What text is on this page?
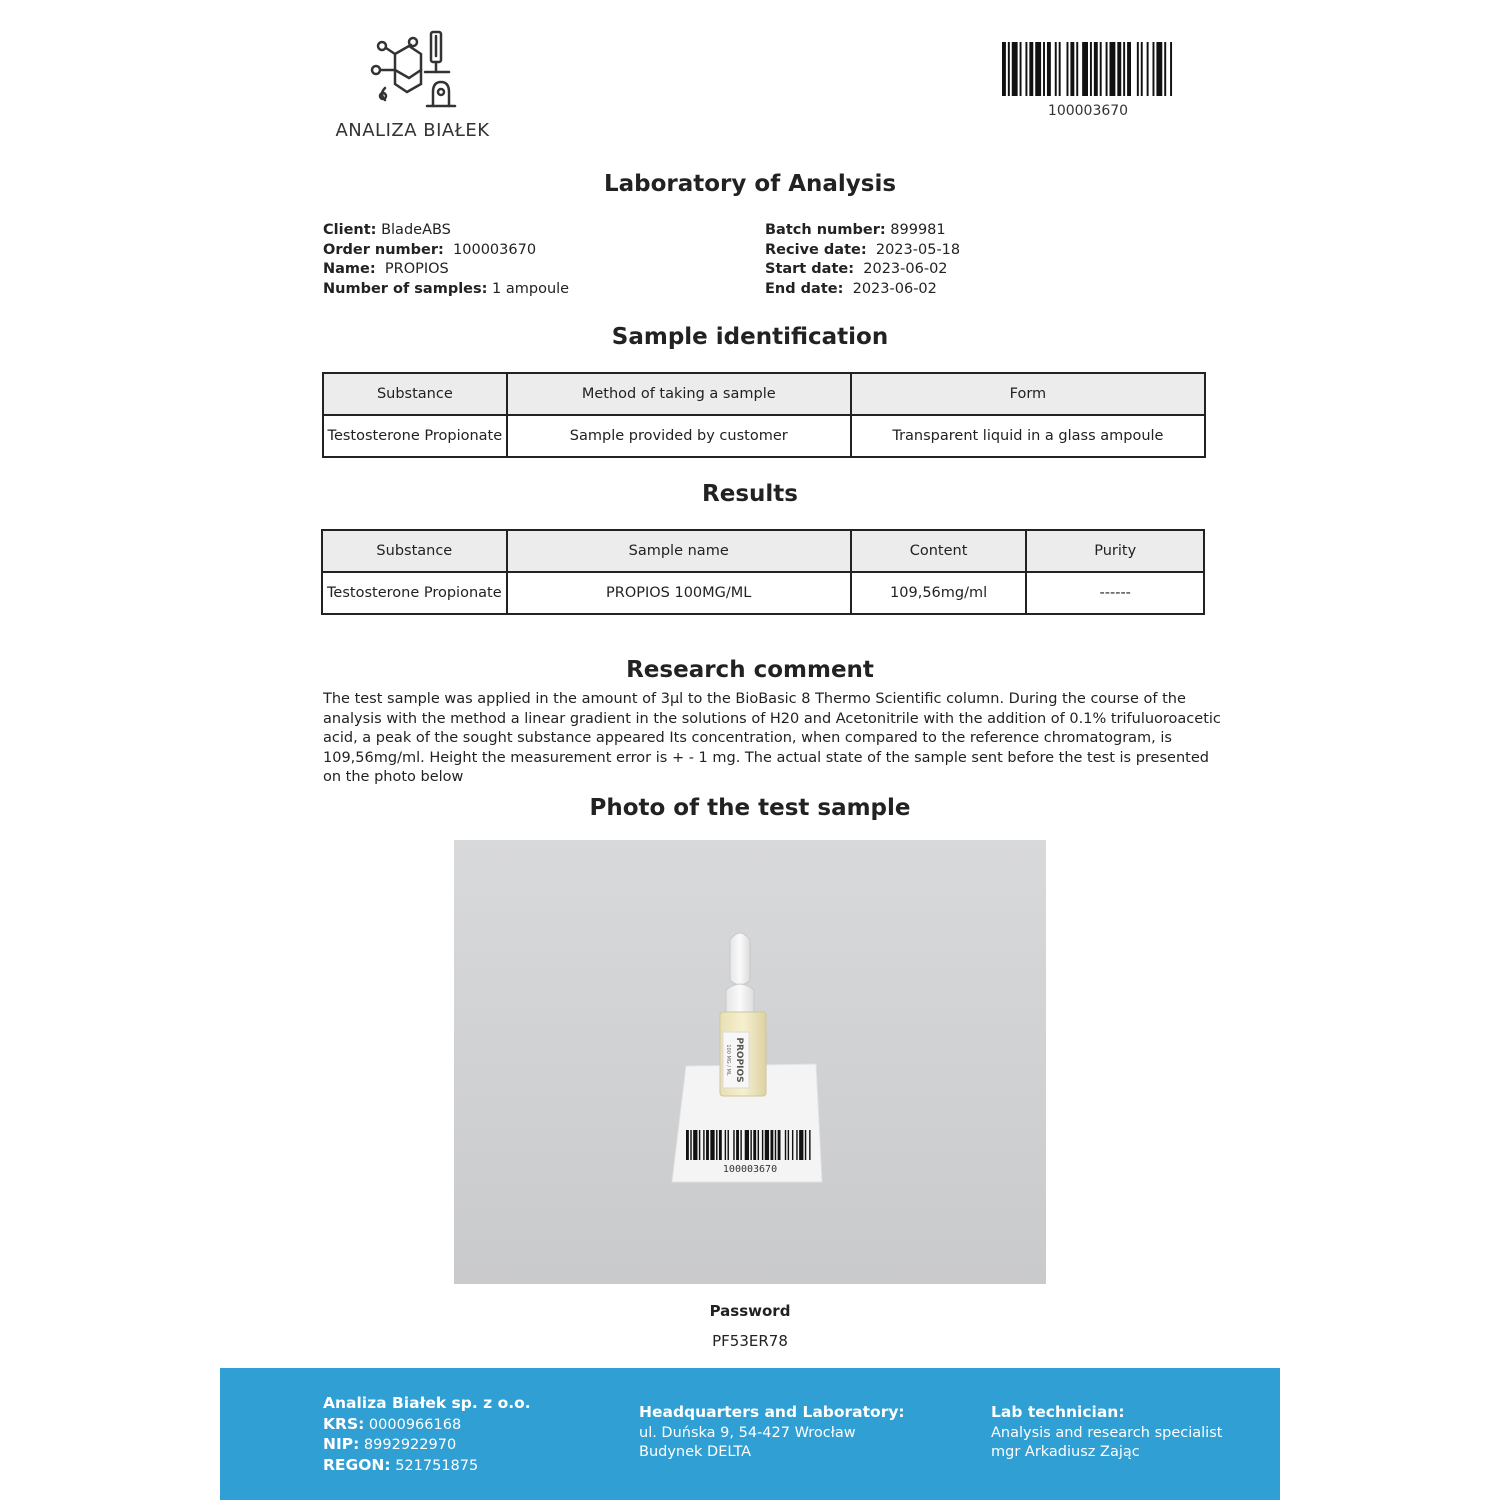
ANALIZA BIAŁEK
100003670
Laboratory of Analysis
Client: BladeABS
Order number: 100003670
Name: PROPIOS
Number of samples: 1 ampoule
Batch number: 899981
Recive date: 2023-05-18
Start date: 2023-06-02
End date: 2023-06-02
Sample identification
Substance	Method of taking a sample	Form
Testosterone Propionate	Sample provided by customer	Transparent liquid in a glass ampoule
Results
Substance	Sample name	Content	Purity
Testosterone Propionate	PROPIOS 100MG/ML	109,56mg/ml	------
Research comment
The test sample was applied in the amount of 3µl to the BioBasic 8 Thermo Scientific column. During the course of the analysis with the method a linear gradient in the solutions of H20 and Acetonitrile with the addition of 0.1% trifuluoroacetic acid, a peak of the sought substance appeared Its concentration, when compared to the reference chromatogram, is 109,56mg/ml. Height the measurement error is + - 1 mg. The actual state of the sample sent before the test is presented on the photo below
Photo of the test sample
100003670
PROPIOS
100 MG / ML
Password
PF53ER78
Analiza Białek sp. z o.o.
KRS: 0000966168
NIP: 8992922970
REGON: 521751875
Headquarters and Laboratory:
ul. Duńska 9, 54-427 Wrocław
Budynek DELTA
Lab technician:
Analysis and research specialist
mgr Arkadiusz Zając
